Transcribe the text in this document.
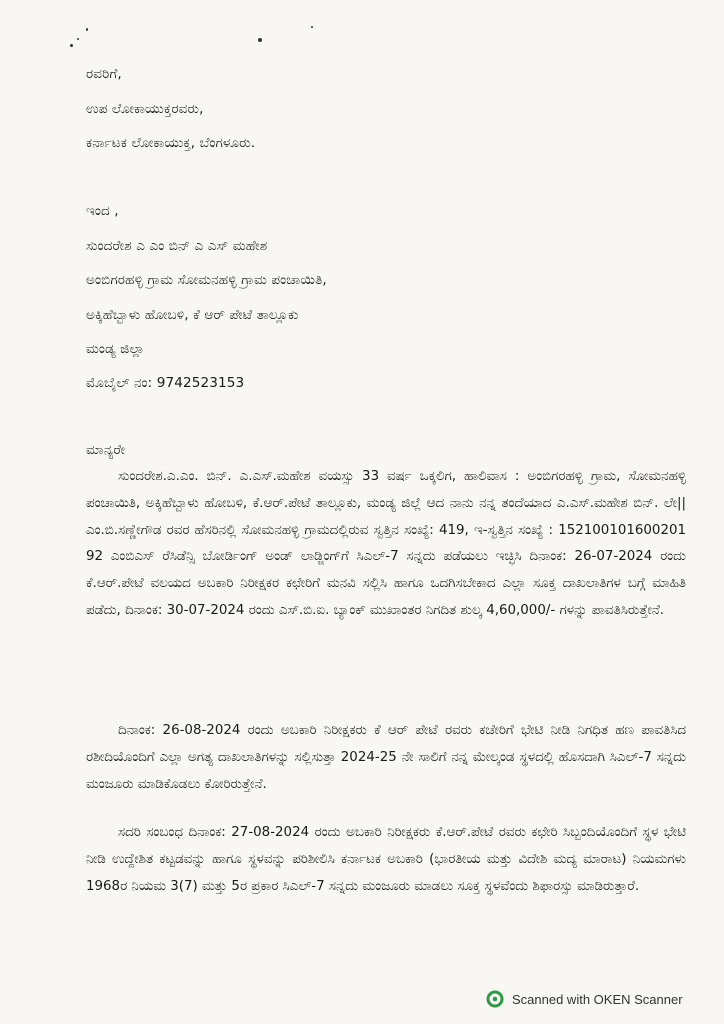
ರವರಿಗೆ,
ಉಪ ಲೋಕಾಯುಕ್ತರವರು,
ಕರ್ನಾಟಕ ಲೋಕಾಯುಕ್ತ, ಬೆಂಗಳೂರು.
ಇಂದ ,
ಸುಂದರೇಶ ಎ ಎಂ ಬಿನ್ ಎ ಎಸ್ ಮಹೇಶ
ಅಂಬಿಗರಹಳ್ಳಿ ಗ್ರಾಮ ಸೋಮನಹಳ್ಳಿ ಗ್ರಾಮ ಪಂಚಾಯಿತಿ,
ಅಕ್ಕಿಹೆಬ್ಬಾಳು ಹೋಬಳಿ, ಕೆ ಆರ್ ಪೇಟೆ ತಾಲ್ಲೂಕು
ಮಂಡ್ಯ ಜಿಲ್ಲಾ
ಮೊಬೈಲ್ ನಂ: 9742523153
ಮಾನ್ಯರೇ
ಸುಂದರೇಶ.ಎ.ಎಂ. ಬಿನ್. ಎ.ಎಸ್.ಮಹೇಶ ವಯಸ್ಸು 33 ವರ್ಷ ಒಕ್ಕಲಿಗ, ಹಾಲಿವಾಸ : ಅಂಬಿಗರಹಳ್ಳಿ ಗ್ರಾಮ, ಸೋಮನಹಳ್ಳಿ ಪಂಚಾಯಿತಿ, ಅಕ್ಕಿಹೆಬ್ಬಾಳು ಹೋಬಳಿ, ಕೆ.ಆರ್.ಪೇಟೆ ತಾಲ್ಲೂಕು, ಮಂಡ್ಯ ಜಿಲ್ಲೆ ಆದ ನಾನು ನನ್ನ ತಂದೆಯಾದ ಎ.ಎಸ್.ಮಹೇಶ ಬಿನ್. ಲೇ|| ಎಂ.ಬಿ.ಸಣ್ಣೇಗೌಡ ರವರ ಹೆಸರಿನಲ್ಲಿ ಸೋಮನಹಳ್ಳಿ ಗ್ರಾಮದಲ್ಲಿರುವ ಸ್ವತ್ತಿನ ಸಂಖ್ಯೆ: 419, ಇ-ಸ್ವತ್ತಿನ ಸಂಖ್ಯೆ : 152100101600201 92 ಎಂಬಿಎಸ್ ರೆಸಿಡೆನ್ಸಿ ಬೋರ್ಡಿಂಗ್ ಅಂಡ್ ಲಾಡ್ಜಿಂಗ್‌ಗೆ ಸಿಎಲ್-7 ಸನ್ನದು ಪಡೆಯಲು ಇಚ್ಛಿಸಿ ದಿನಾಂಕ: 26-07-2024 ರಂದು ಕೆ.ಆರ್.ಪೇಟೆ ವಲಯದ ಅಬಕಾರಿ ನಿರೀಕ್ಷಕರ ಕಛೇರಿಗೆ ಮನವಿ ಸಲ್ಲಿಸಿ ಹಾಗೂ ಒದಗಿಸಬೇಕಾದ ಎಲ್ಲಾ ಸೂಕ್ತ ದಾಖಲಾತಿಗಳ ಬಗ್ಗೆ ಮಾಹಿತಿ ಪಡೆದು, ದಿನಾಂಕ: 30-07-2024 ರಂದು ಎಸ್.ಬಿ.ಐ. ಬ್ಯಾಂಕ್ ಮುಖಾಂತರ ನಿಗದಿತ ಶುಲ್ಕ 4,60,000/- ಗಳನ್ನು ಪಾವತಿಸಿರುತ್ತೇನೆ.
ದಿನಾಂಕ: 26-08-2024 ರಂದು ಅಬಕಾರಿ ನಿರೀಕ್ಷಕರು ಕೆ ಆರ್ ಪೇಟೆ ರವರು ಕಚೇರಿಗೆ ಭೇಟಿ ನೀಡಿ ನಿಗಧಿತ ಹಣ ಪಾವತಿಸಿದ ರಶೀದಿಯೊಂದಿಗೆ ಎಲ್ಲಾ ಅಗತ್ಯ ದಾಖಲಾತಿಗಳನ್ನು ಸಲ್ಲಿಸುತ್ತಾ 2024-25 ನೇ ಸಾಲಿಗೆ ನನ್ನ ಮೇಲ್ಕಂಡ ಸ್ಥಳದಲ್ಲಿ ಹೊಸದಾಗಿ ಸಿಎಲ್-7 ಸನ್ನದು ಮಂಜೂರು ಮಾಡಿಕೊಡಲು ಕೋರಿರುತ್ತೇನೆ.
ಸದರಿ ಸಂಬಂಧ ದಿನಾಂಕ: 27-08-2024 ರಂದು ಅಬಕಾರಿ ನಿರೀಕ್ಷಕರು ಕೆ.ಆರ್.ಪೇಟೆ ರವರು ಕಛೇರಿ ಸಿಬ್ಬಂದಿಯೊಂದಿಗೆ ಸ್ಥಳ ಭೇಟಿ ನೀಡಿ ಉದ್ದೇಶಿತ ಕಟ್ಟಡವನ್ನು ಹಾಗೂ ಸ್ಥಳವನ್ನು ಪರಿಶೀಲಿಸಿ ಕರ್ನಾಟಕ ಅಬಕಾರಿ (ಭಾರತೀಯ ಮತ್ತು ವಿದೇಶಿ ಮದ್ಯ ಮಾರಾಟ) ನಿಯಮಗಳು 1968ರ ನಿಯಮ 3(7) ಮತ್ತು 5ರ ಪ್ರಕಾರ ಸಿಎಲ್-7 ಸನ್ನದು ಮಂಜೂರು ಮಾಡಲು ಸೂಕ್ತ ಸ್ಥಳವೆಂದು ಶಿಫಾರಸ್ಸು ಮಾಡಿರುತ್ತಾರೆ.
Scanned with OKEN Scanner
